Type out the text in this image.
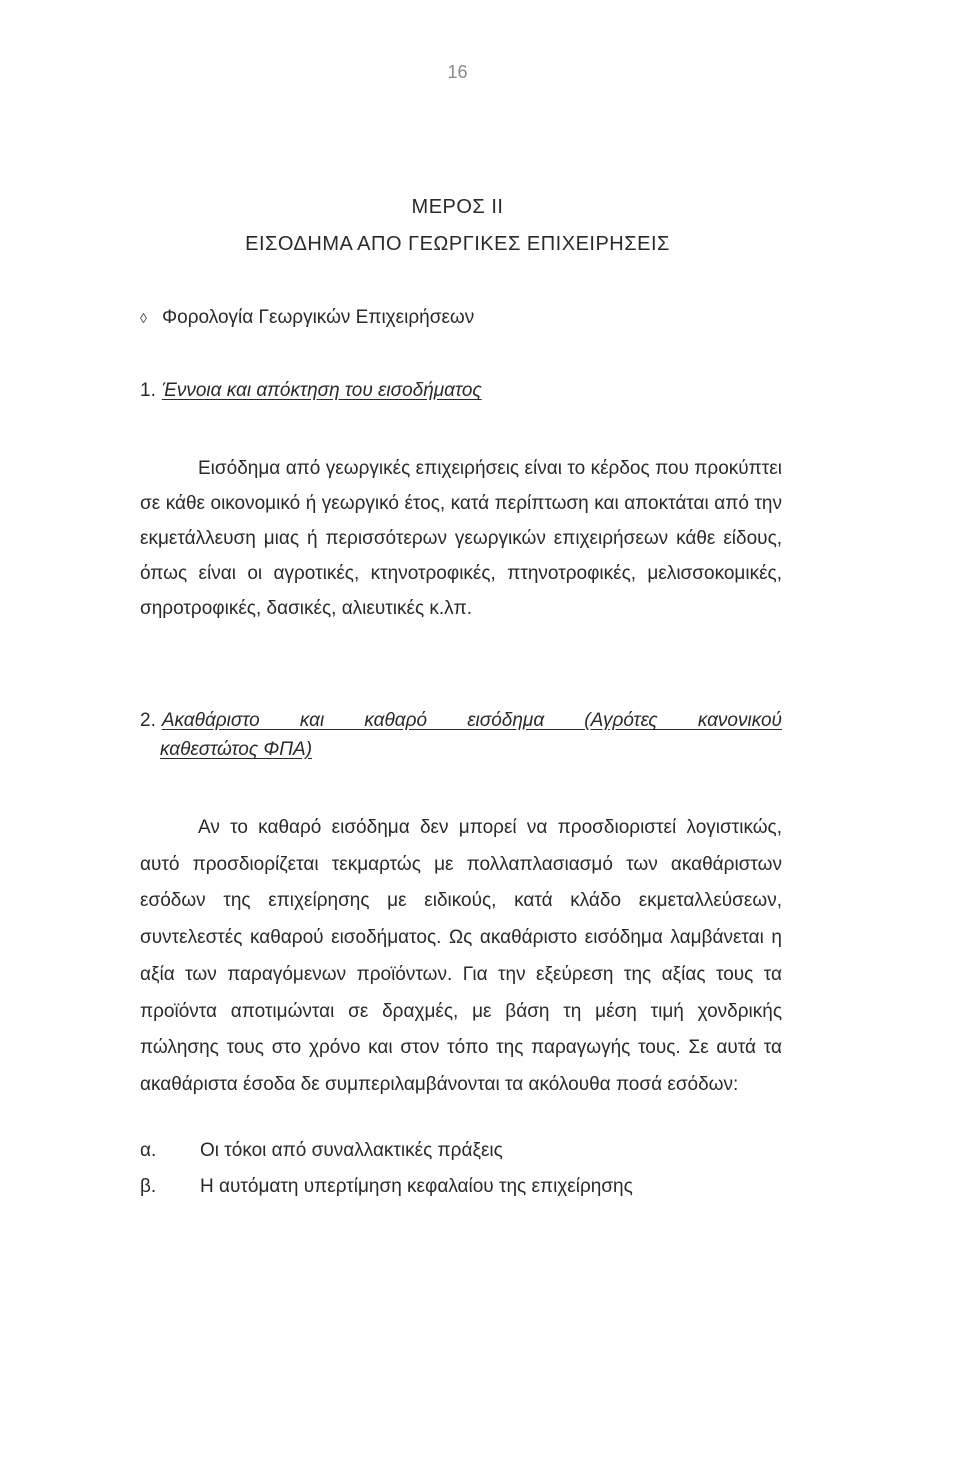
16
ΜΕΡΟΣ ΙΙ
ΕΙΣΟΔΗΜΑ ΑΠΟ ΓΕΩΡΓΙΚΕΣ ΕΠΙΧΕΙΡΗΣΕΙΣ
◊ Φορολογία Γεωργικών Επιχειρήσεων
1. Έννοια και απόκτηση του εισοδήματος

Εισόδημα από γεωργικές επιχειρήσεις είναι το κέρδος που προκύπτει σε κάθε οικονομικό ή γεωργικό έτος, κατά περίπτωση και αποκτάται από την εκμετάλλευση μιας ή περισσότερων γεωργικών επιχειρήσεων κάθε είδους, όπως είναι οι αγροτικές, κτηνοτροφικές, πτηνοτροφικές, μελισσοκομικές, σηροτροφικές, δασικές, αλιευτικές κ.λπ.

2. Ακαθάριστο και καθαρό εισόδημα (Αγρότες κανονικού
καθεστώτος ΦΠΑ)

Αν το καθαρό εισόδημα δεν μπορεί να προσδιοριστεί λογιστικώς, αυτό προσδιορίζεται τεκμαρτώς με πολλαπλασιασμό των ακαθάριστων εσόδων της επιχείρησης με ειδικούς, κατά κλάδο εκμεταλλεύσεων, συντελεστές καθαρού εισοδήματος. Ως ακαθάριστο εισόδημα λαμβάνεται η αξία των παραγόμενων προϊόντων. Για την εξεύρεση της αξίας τους τα προϊόντα αποτιμώνται σε δραχμές, με βάση τη μέση τιμή χονδρικής πώλησης τους στο χρόνο και στον τόπο της παραγωγής τους. Σε αυτά τα ακαθάριστα έσοδα δε συμπεριλαμβάνονται τα ακόλουθα ποσά εσόδων:

α. Οι τόκοι από συναλλακτικές πράξεις
β. Η αυτόματη υπερτίμηση κεφαλαίου της επιχείρησης
